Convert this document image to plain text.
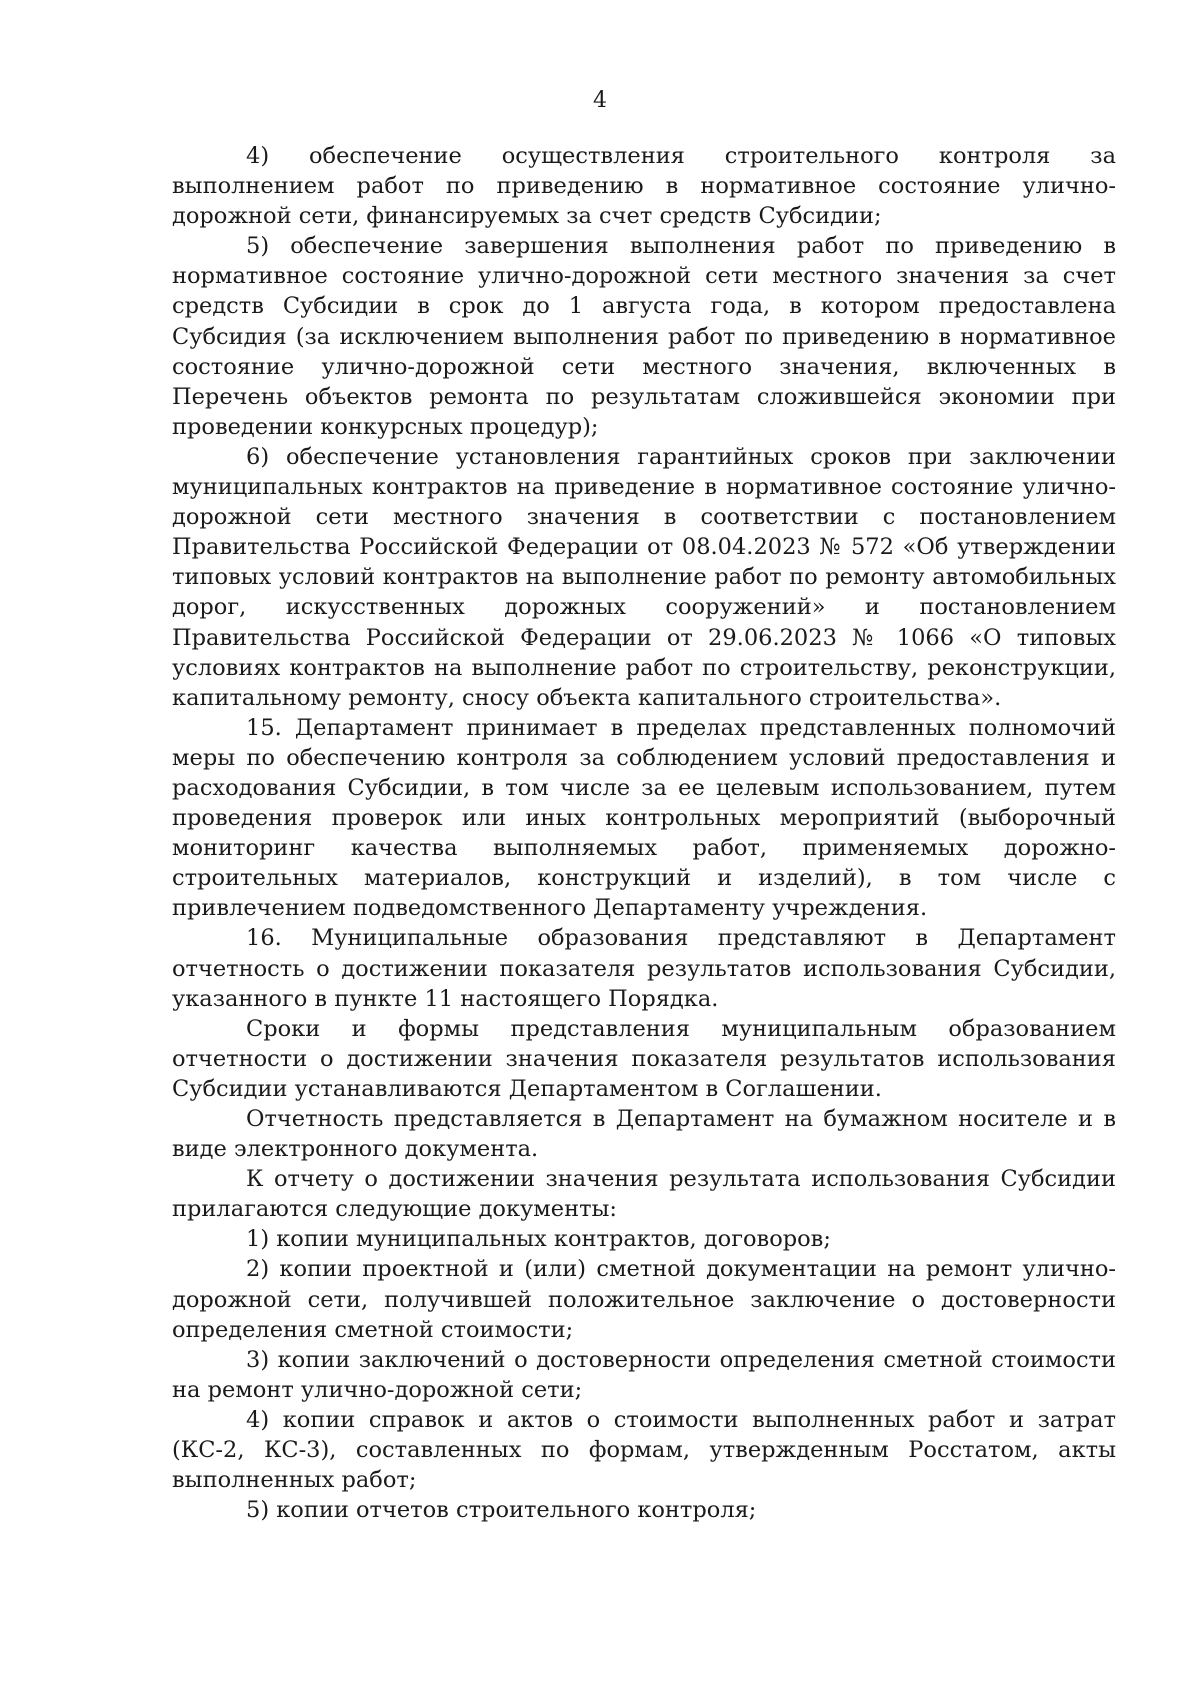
4

4) обеспечение осуществления строительного контроля за выполнением работ по приведению в нормативное состояние улично-дорожной сети, финансируемых за счет средств Субсидии;

5) обеспечение завершения выполнения работ по приведению в нормативное состояние улично-дорожной сети местного значения за счет средств Субсидии в срок до 1 августа года, в котором предоставлена Субсидия (за исключением выполнения работ по приведению в нормативное состояние улично-дорожной сети местного значения, включенных в Перечень объектов ремонта по результатам сложившейся экономии при проведении конкурсных процедур);

6) обеспечение установления гарантийных сроков при заключении муниципальных контрактов на приведение в нормативное состояние улично-дорожной сети местного значения в соответствии с постановлением Правительства Российской Федерации от 08.04.2023 № 572 «Об утверждении типовых условий контрактов на выполнение работ по ремонту автомобильных дорог, искусственных дорожных сооружений» и постановлением Правительства Российской Федерации от 29.06.2023 № 1066 «О типовых условиях контрактов на выполнение работ по строительству, реконструкции, капитальному ремонту, сносу объекта капитального строительства».

15. Департамент принимает в пределах представленных полномочий меры по обеспечению контроля за соблюдением условий предоставления и расходования Субсидии, в том числе за ее целевым использованием, путем проведения проверок или иных контрольных мероприятий (выборочный мониторинг качества выполняемых работ, применяемых дорожно-строительных материалов, конструкций и изделий), в том числе с привлечением подведомственного Департаменту учреждения.

16. Муниципальные образования представляют в Департамент отчетность о достижении показателя результатов использования Субсидии, указанного в пункте 11 настоящего Порядка.

Сроки и формы представления муниципальным образованием отчетности о достижении значения показателя результатов использования Субсидии устанавливаются Департаментом в Соглашении.

Отчетность представляется в Департамент на бумажном носителе и в виде электронного документа.

К отчету о достижении значения результата использования Субсидии прилагаются следующие документы:

1) копии муниципальных контрактов, договоров;

2) копии проектной и (или) сметной документации на ремонт улично-дорожной сети, получившей положительное заключение о достоверности определения сметной стоимости;

3) копии заключений о достоверности определения сметной стоимости на ремонт улично-дорожной сети;

4) копии справок и актов о стоимости выполненных работ и затрат (КС-2, КС-3), составленных по формам, утвержденным Росстатом, акты выполненных работ;

5) копии отчетов строительного контроля;
